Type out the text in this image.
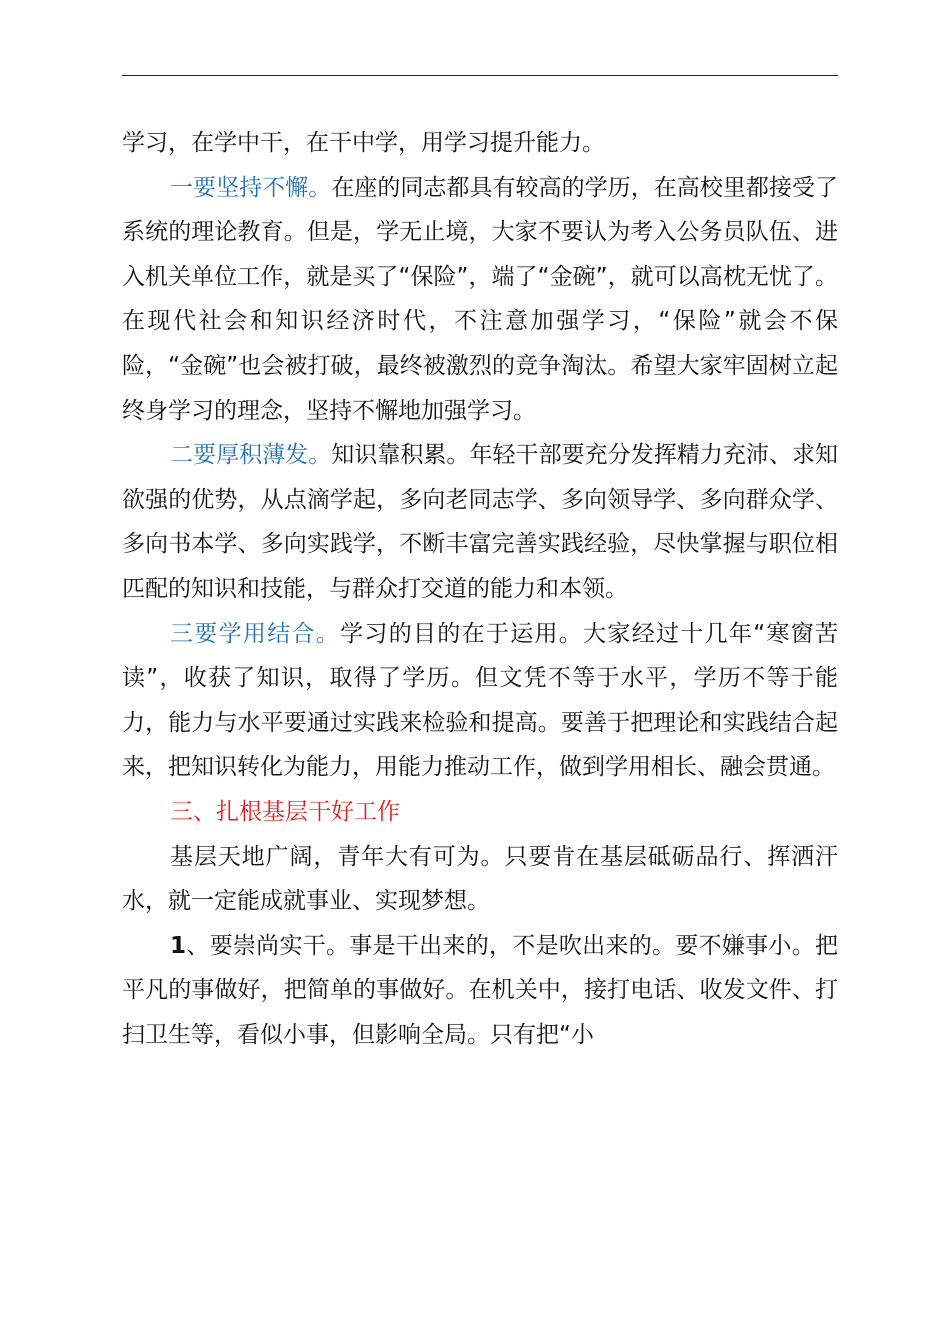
学习，在学中干，在干中学，用学习提升能力。

一要坚持不懈。在座的同志都具有较高的学历，在高校里都接受了系统的理论教育。但是，学无止境，大家不要认为考入公务员队伍、进入机关单位工作，就是买了“保险”，端了“金碗”，就可以高枕无忧了。在现代社会和知识经济时代，不注意加强学习，“保险”就会不保险，“金碗”也会被打破，最终被激烈的竞争淘汰。希望大家牢固树立起终身学习的理念，坚持不懈地加强学习。

二要厚积薄发。知识靠积累。年轻干部要充分发挥精力充沛、求知欲强的优势，从点滴学起，多向老同志学、多向领导学、多向群众学、多向书本学、多向实践学，不断丰富完善实践经验，尽快掌握与职位相匹配的知识和技能，与群众打交道的能力和本领。

三要学用结合。学习的目的在于运用。大家经过十几年“寒窗苦读”，收获了知识，取得了学历。但文凭不等于水平，学历不等于能力，能力与水平要通过实践来检验和提高。要善于把理论和实践结合起来，把知识转化为能力，用能力推动工作，做到学用相长、融会贯通。

三、扎根基层干好工作

基层天地广阔，青年大有可为。只要肯在基层砥砺品行、挥洒汗水，就一定能成就事业、实现梦想。

1、要崇尚实干。事是干出来的，不是吹出来的。要不嫌事小。把平凡的事做好，把简单的事做好。在机关中，接打电话、收发文件、打扫卫生等，看似小事，但影响全局。只有把“小
